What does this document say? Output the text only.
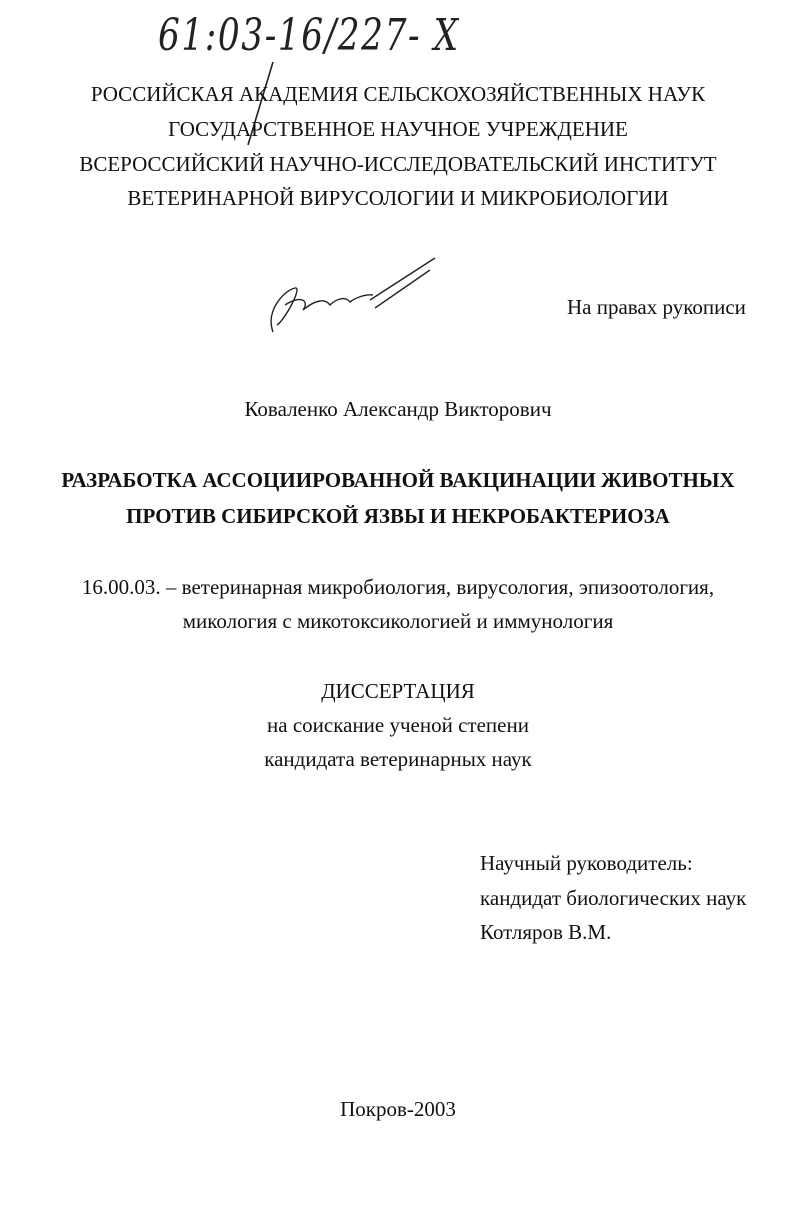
61:03-16/227- X
РОССИЙСКАЯ АКАДЕМИЯ СЕЛЬСКОХОЗЯЙСТВЕННЫХ НАУК
ГОСУДАРСТВЕННОЕ НАУЧНОЕ УЧРЕЖДЕНИЕ
ВСЕРОССИЙСКИЙ НАУЧНО-ИССЛЕДОВАТЕЛЬСКИЙ ИНСТИТУТ
ВЕТЕРИНАРНОЙ ВИРУСОЛОГИИ И МИКРОБИОЛОГИИ
На правах рукописи
Коваленко Александр Викторович
РАЗРАБОТКА АССОЦИИРОВАННОЙ ВАКЦИНАЦИИ ЖИВОТНЫХ
ПРОТИВ СИБИРСКОЙ ЯЗВЫ И НЕКРОБАКТЕРИОЗА
16.00.03. – ветеринарная микробиология, вирусология, эпизоотология,
микология с микотоксикологией и иммунология
ДИССЕРТАЦИЯ
на соискание ученой степени
кандидата ветеринарных наук
Научный руководитель:
кандидат биологических наук
Котляров В.М.
Покров-2003
